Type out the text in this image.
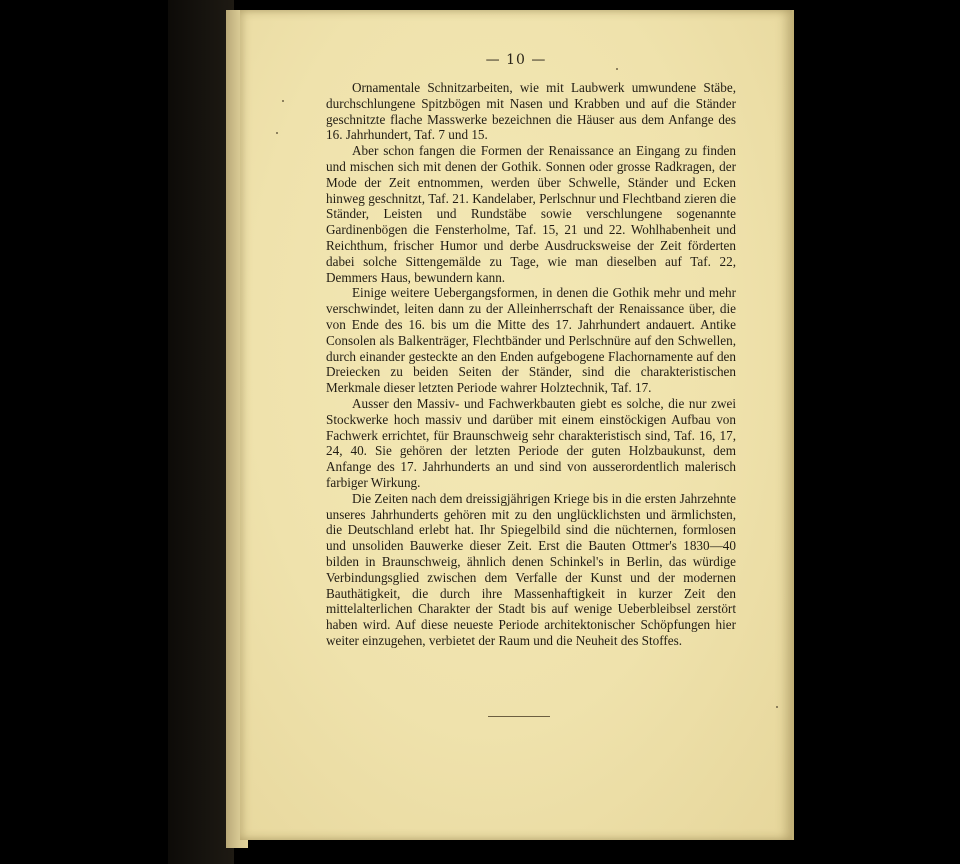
— 10 —

Ornamentale Schnitzarbeiten, wie mit Laubwerk umwundene Stäbe, durchschlungene Spitzbögen mit Nasen und Krabben und auf die Ständer geschnitzte flache Masswerke bezeichnen die Häuser aus dem Anfange des 16. Jahrhundert, Taf. 7 und 15.

Aber schon fangen die Formen der Renaissance an Eingang zu finden und mischen sich mit denen der Gothik. Sonnen oder grosse Radkragen, der Mode der Zeit entnommen, werden über Schwelle, Ständer und Ecken hinweg geschnitzt, Taf. 21. Kandelaber, Perlschnur und Flechtband zieren die Ständer, Leisten und Rundstäbe sowie verschlungene sogenannte Gardinenbögen die Fensterholme, Taf. 15, 21 und 22. Wohlhabenheit und Reichthum, frischer Humor und derbe Ausdrucksweise der Zeit förderten dabei solche Sittengemälde zu Tage, wie man dieselben auf Taf. 22, Demmers Haus, bewundern kann.

Einige weitere Uebergangsformen, in denen die Gothik mehr und mehr verschwindet, leiten dann zu der Alleinherrschaft der Renaissance über, die von Ende des 16. bis um die Mitte des 17. Jahrhundert andauert. Antike Consolen als Balkenträger, Flechtbänder und Perlschnüre auf den Schwellen, durch einander gesteckte an den Enden aufgebogene Flachornamente auf den Dreiecken zu beiden Seiten der Ständer, sind die charakteristischen Merkmale dieser letzten Periode wahrer Holztechnik, Taf. 17.

Ausser den Massiv- und Fachwerkbauten giebt es solche, die nur zwei Stockwerke hoch massiv und darüber mit einem einstöckigen Aufbau von Fachwerk errichtet, für Braunschweig sehr charakteristisch sind, Taf. 16, 17, 24, 40. Sie gehören der letzten Periode der guten Holzbaukunst, dem Anfange des 17. Jahrhunderts an und sind von ausserordentlich malerisch farbiger Wirkung.

Die Zeiten nach dem dreissigjährigen Kriege bis in die ersten Jahrzehnte unseres Jahrhunderts gehören mit zu den unglücklichsten und ärmlichsten, die Deutschland erlebt hat. Ihr Spiegelbild sind die nüchternen, formlosen und unsoliden Bauwerke dieser Zeit. Erst die Bauten Ottmer's 1830—40 bilden in Braunschweig, ähnlich denen Schinkel's in Berlin, das würdige Verbindungsglied zwischen dem Verfalle der Kunst und der modernen Bauthätigkeit, die durch ihre Massenhaftigkeit in kurzer Zeit den mittelalterlichen Charakter der Stadt bis auf wenige Ueberbleibsel zerstört haben wird. Auf diese neueste Periode architektonischer Schöpfungen hier weiter einzugehen, verbietet der Raum und die Neuheit des Stoffes.
